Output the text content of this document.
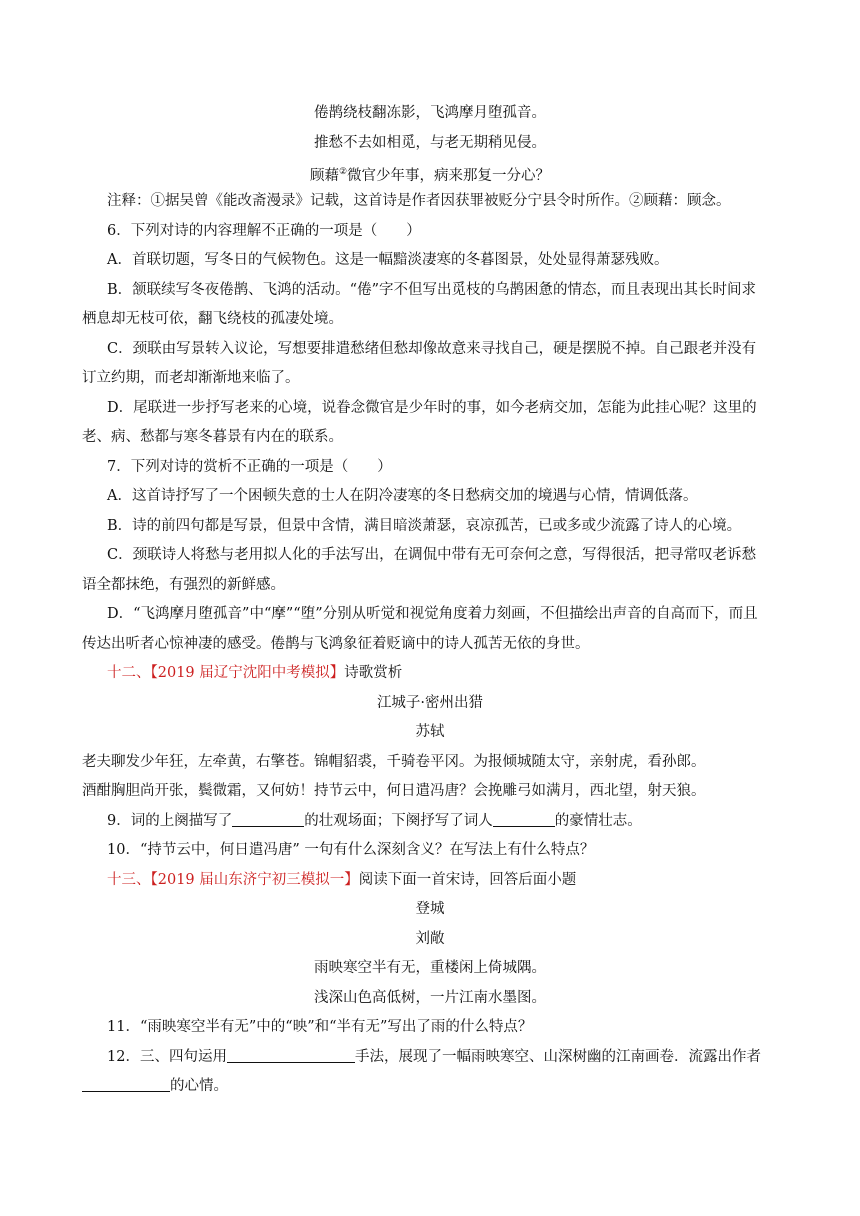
倦鹊绕枝翻冻影，飞鸿摩月堕孤音。
推愁不去如相觅，与老无期稍见侵。
顾藉②微官少年事，病来那复一分心？
注释：①据吴曾《能改斋漫录》记载，这首诗是作者因获罪被贬分宁县令时所作。②顾藉：顾念。
6．下列对诗的内容理解不正确的一项是（　　）
A．首联切题，写冬日的气候物色。这是一幅黯淡凄寒的冬暮图景，处处显得萧瑟残败。
B．颔联续写冬夜倦鹊、飞鸿的活动。“倦”字不但写出觅枝的乌鹊困惫的情态，而且表现出其长时间求
栖息却无枝可依，翻飞绕枝的孤凄处境。
C．颈联由写景转入议论，写想要排遣愁绪但愁却像故意来寻找自己，硬是摆脱不掉。自己跟老并没有
订立约期，而老却渐渐地来临了。
D．尾联进一步抒写老来的心境，说眷念微官是少年时的事，如今老病交加，怎能为此挂心呢？这里的
老、病、愁都与寒冬暮景有内在的联系。
7．下列对诗的赏析不正确的一项是（　　）
A．这首诗抒写了一个困顿失意的士人在阴冷凄寒的冬日愁病交加的境遇与心情，情调低落。
B．诗的前四句都是写景，但景中含情，满目暗淡萧瑟，哀凉孤苦，已或多或少流露了诗人的心境。
C．颈联诗人将愁与老用拟人化的手法写出，在调侃中带有无可奈何之意，写得很活，把寻常叹老诉愁
语全都抹绝，有强烈的新鲜感。
D．“飞鸿摩月堕孤音”中“摩”“堕”分别从听觉和视觉角度着力刻画，不但描绘出声音的自高而下，而且
传达出听者心惊神凄的感受。倦鹊与飞鸿象征着贬谪中的诗人孤苦无依的身世。
十二、【2019 届辽宁沈阳中考模拟】诗歌赏析
江城子·密州出猎
苏轼
老夫聊发少年狂，左牵黄，右擎苍。锦帽貂裘，千骑卷平冈。为报倾城随太守，亲射虎，看孙郎。
酒酣胸胆尚开张，鬓微霜，又何妨！持节云中，何日遣冯唐？会挽雕弓如满月，西北望，射天狼。
9．词的上阕描写了	的壮观场面；下阕抒写了词人	的豪情壮志。
10．“持节云中，何日遣冯唐” 一句有什么深刻含义？在写法上有什么特点？
十三、【2019 届山东济宁初三模拟一】阅读下面一首宋诗，回答后面小题
登城
刘敞
雨映寒空半有无，重楼闲上倚城隅。
浅深山色高低树，一片江南水墨图。
11．“雨映寒空半有无”中的“映”和“半有无”写出了雨的什么特点？
12．三、四句运用	手法，展现了一幅雨映寒空、山深树幽的江南画卷．流露出作者
的心情。
